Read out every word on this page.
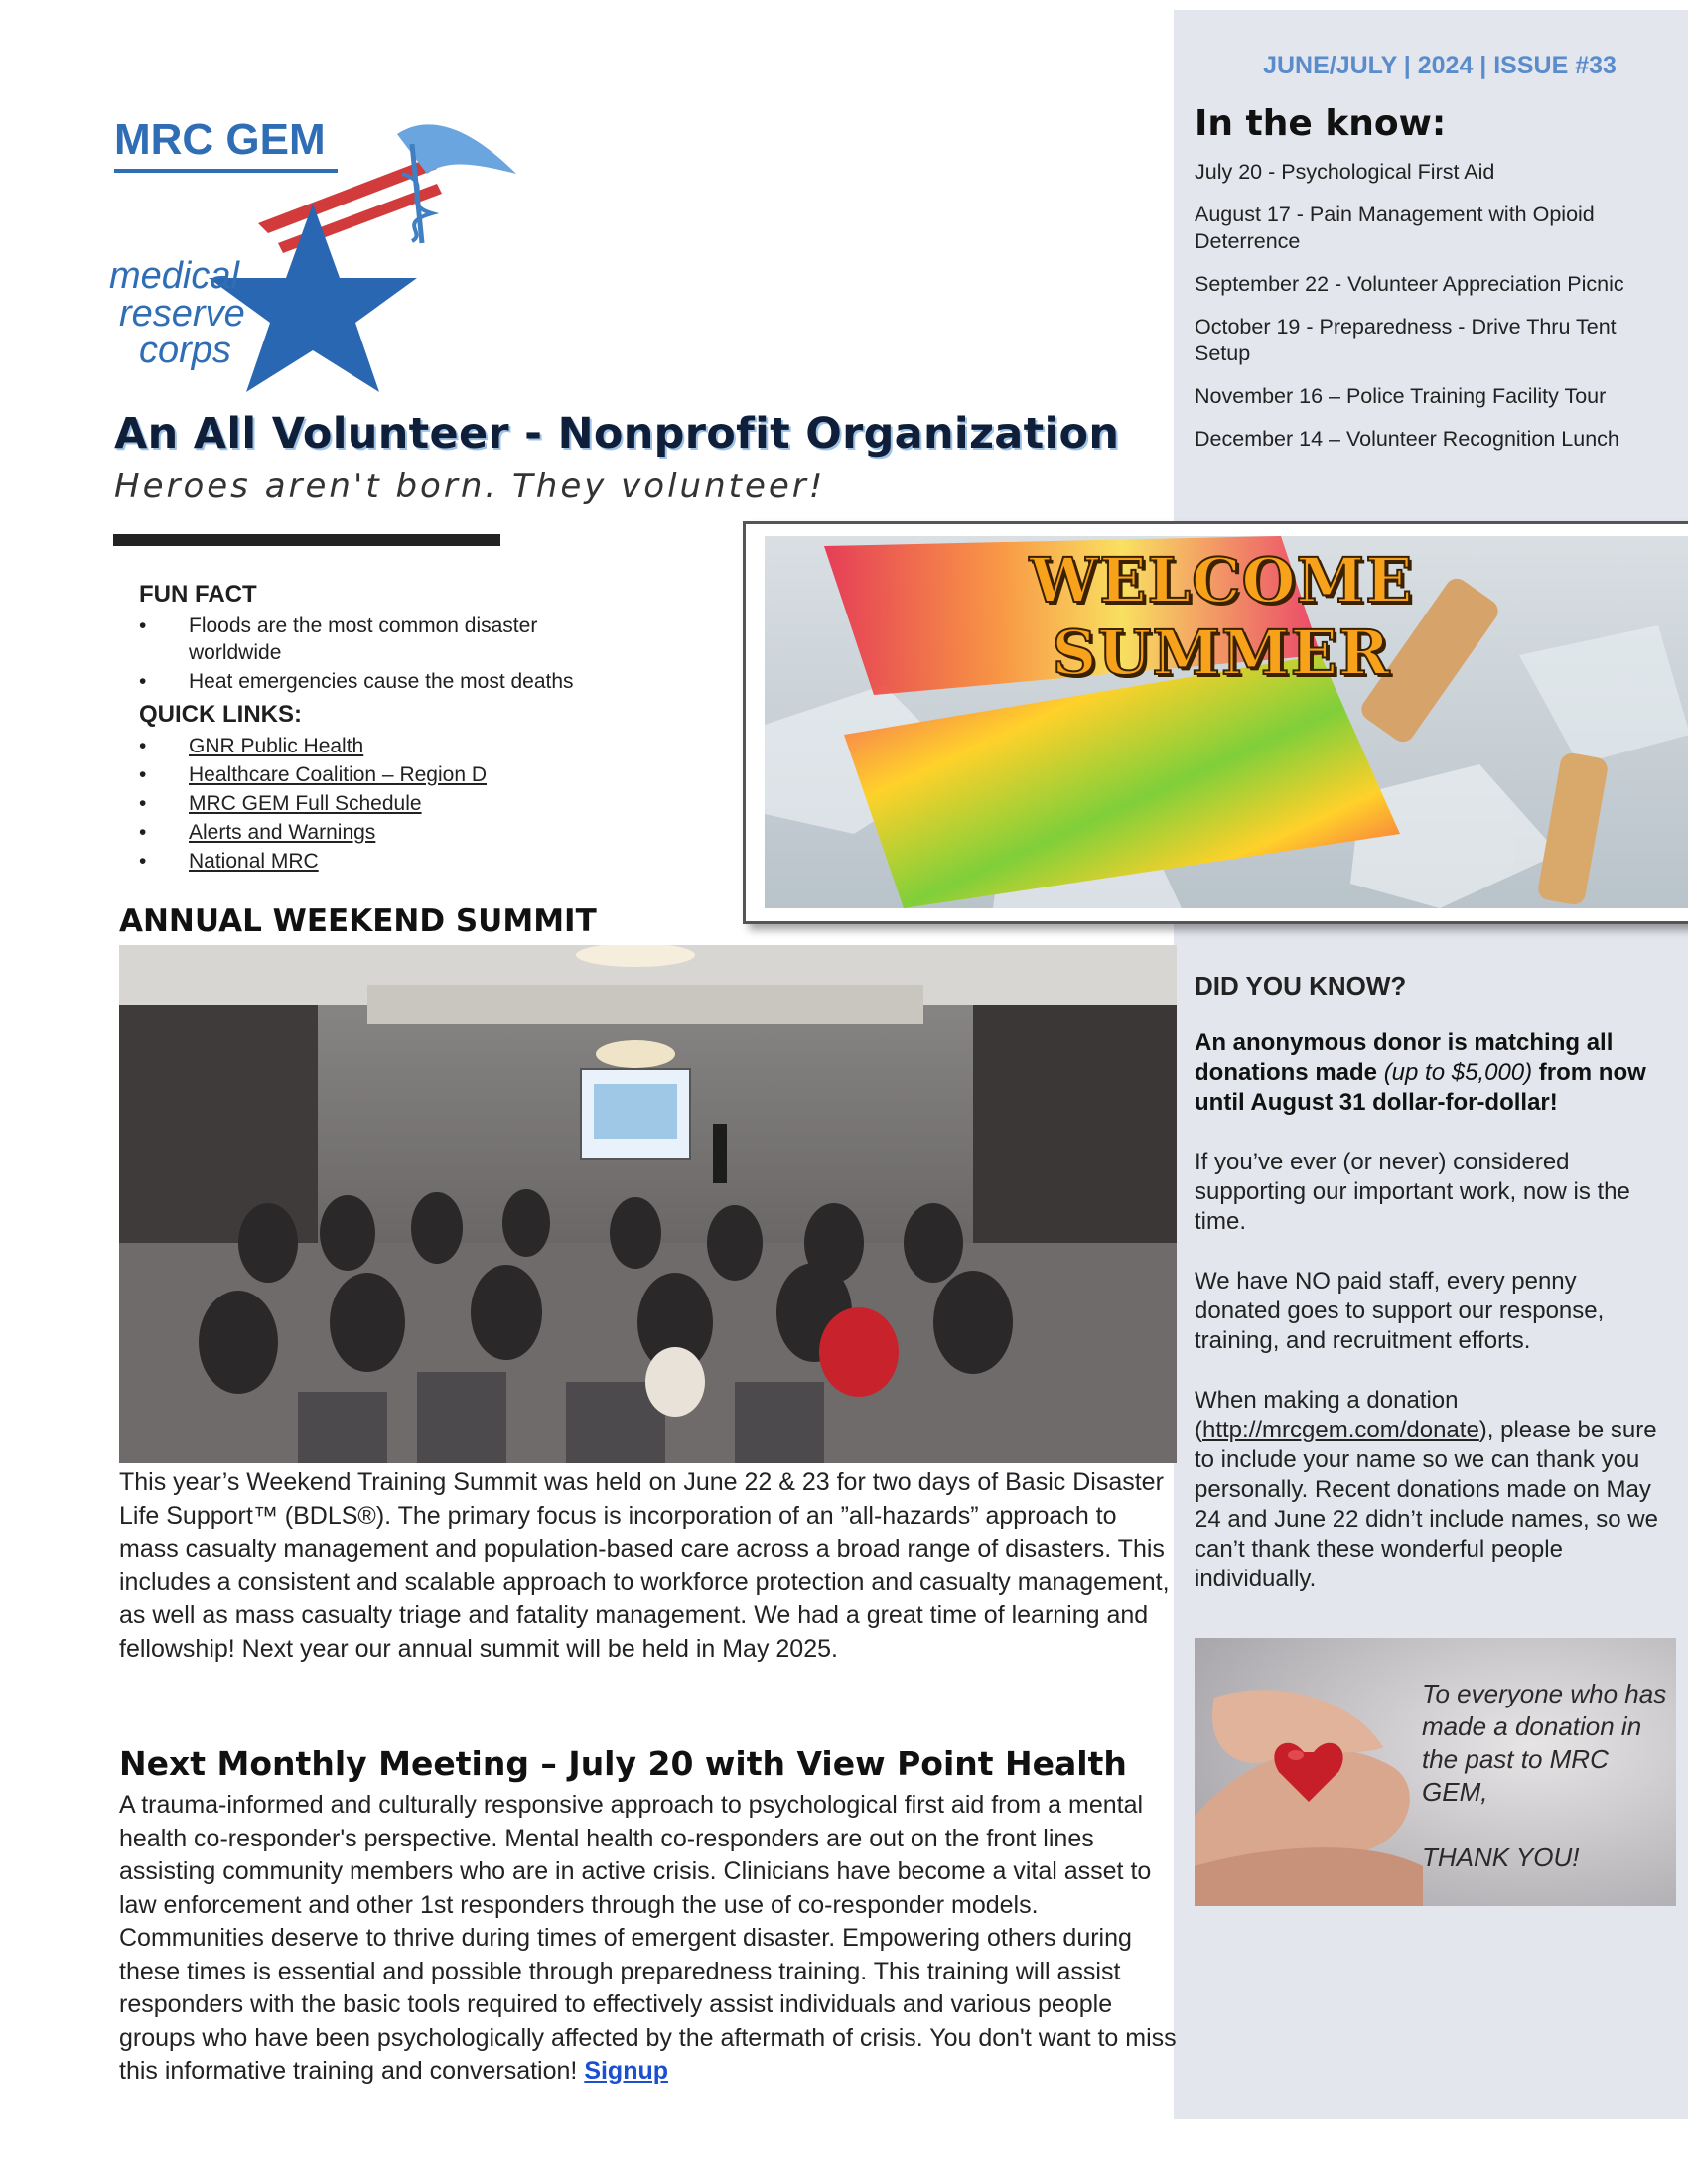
JUNE/JULY | 2024 | ISSUE #33
In the know:
July 20 - Psychological First Aid
August 17 - Pain Management with Opioid Deterrence
September 22 - Volunteer Appreciation Picnic
October 19 - Preparedness - Drive Thru Tent Setup
November 16 – Police Training Facility Tour
December 14 – Volunteer Recognition Lunch
MRC GEM
medical
reserve
corps
An All Volunteer - Nonprofit Organization
Heroes aren't born. They volunteer!
FUN FACT
• Floods are the most common disaster worldwide
• Heat emergencies cause the most deaths
QUICK LINKS:
• GNR Public Health
• Healthcare Coalition – Region D
• MRC GEM Full Schedule
• Alerts and Warnings
• National MRC
WELCOME SUMMER
ANNUAL WEEKEND SUMMIT
This year’s Weekend Training Summit was held on June 22 & 23 for two days of Basic Disaster Life Support™ (BDLS®). The primary focus is incorporation of an ”all-hazards” approach to mass casualty management and population-based care across a broad range of disasters. This includes a consistent and scalable approach to workforce protection and casualty management, as well as mass casualty triage and fatality management. We had a great time of learning and fellowship! Next year our annual summit will be held in May 2025.
Next Monthly Meeting – July 20 with View Point Health
A trauma-informed and culturally responsive approach to psychological first aid from a mental health co-responder's perspective. Mental health co-responders are out on the front lines assisting community members who are in active crisis. Clinicians have become a vital asset to law enforcement and other 1st responders through the use of co-responder models. Communities deserve to thrive during times of emergent disaster. Empowering others during these times is essential and possible through preparedness training. This training will assist responders with the basic tools required to effectively assist individuals and various people groups who have been psychologically affected by the aftermath of crisis. You don't want to miss this informative training and conversation! Signup
DID YOU KNOW?

An anonymous donor is matching all donations made (up to $5,000) from now until August 31 dollar-for-dollar!

If you’ve ever (or never) considered supporting our important work, now is the time.

We have NO paid staff, every penny donated goes to support our response, training, and recruitment efforts.

When making a donation (http://mrcgem.com/donate), please be sure to include your name so we can thank you personally. Recent donations made on May 24 and June 22 didn’t include names, so we can’t thank these wonderful people individually.

To everyone who has made a donation in the past to MRC GEM,
THANK YOU!
